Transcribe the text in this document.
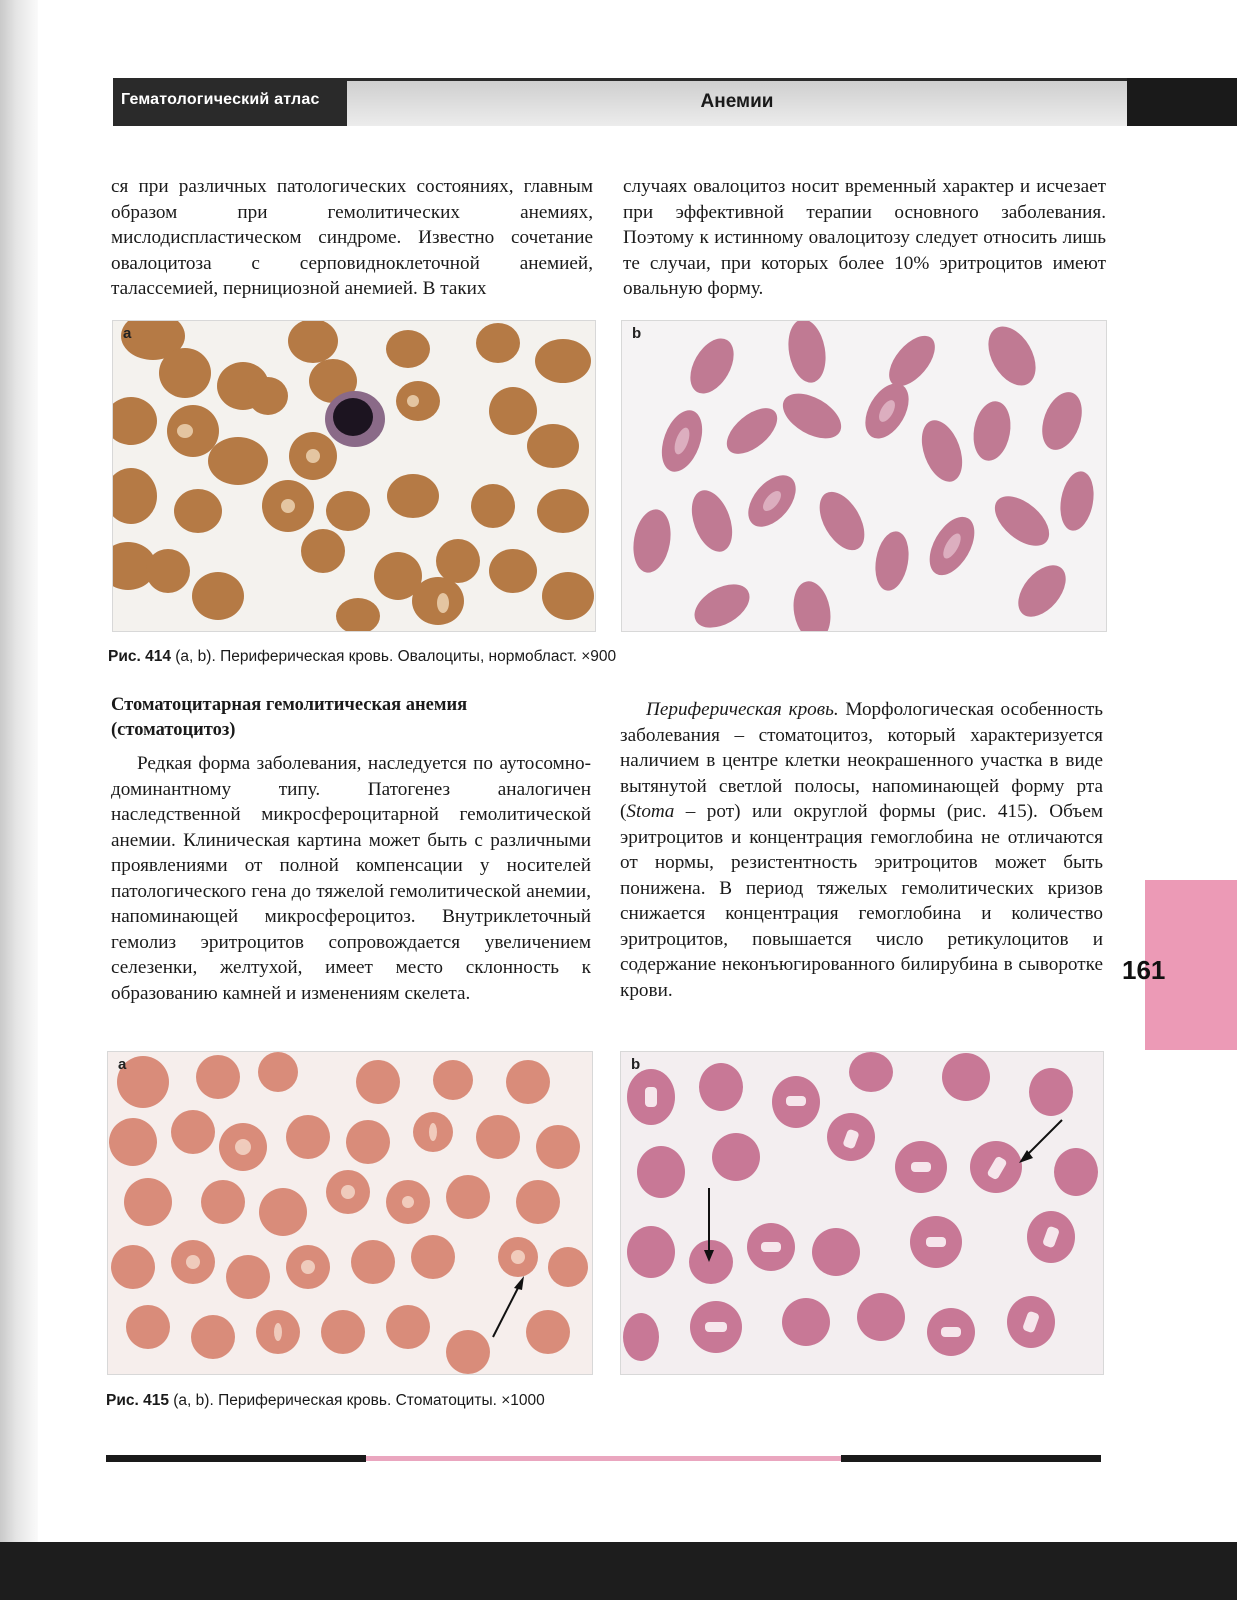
Гематологический атлас	Анемии

ся при различных патологических состояниях, главным образом при гемолитических анемиях, мислодиспластическом синдроме. Известно сочетание овалоцитоза с серповидноклеточной анемией, талассемией, пернициозной анемией. В таких

случаях овалоцитоз носит временный характер и исчезает при эффективной терапии основного заболевания. Поэтому к истинному овалоцитозу следует относить лишь те случаи, при которых более 10% эритроцитов имеют овальную форму.

a	b
Рис. 414 (a, b). Периферическая кровь. Овалоциты, нормобласт. ×900
Стоматоцитарная гемолитическая анемия (стоматоцитоз)

Редкая форма заболевания, наследуется по аутосомно-доминантному типу. Патогенез аналогичен наследственной микросфероцитарной гемолитической анемии. Клиническая картина может быть с различными проявлениями от полной компенсации у носителей патологического гена до тяжелой гемолитической анемии, напоминающей микросфероцитоз. Внутриклеточный гемолиз эритроцитов сопровождается увеличением селезенки, желтухой, имеет место склонность к образованию камней и изменениям скелета.

Периферическая кровь. Морфологическая особенность заболевания – стоматоцитоз, который характеризуется наличием в центре клетки неокрашенного участка в виде вытянутой светлой полосы, напоминающей форму рта (Stoma – рот) или округлой формы (рис. 415). Объем эритроцитов и концентрация гемоглобина не отличаются от нормы, резистентность эритроцитов может быть понижена. В период тяжелых гемолитических кризов снижается концентрация гемоглобина и количество эритроцитов, повышается число ретикулоцитов и содержание неконъюгированного билирубина в сыворотке крови.

a	b
Рис. 415 (a, b). Периферическая кровь. Стоматоциты. ×1000
161
